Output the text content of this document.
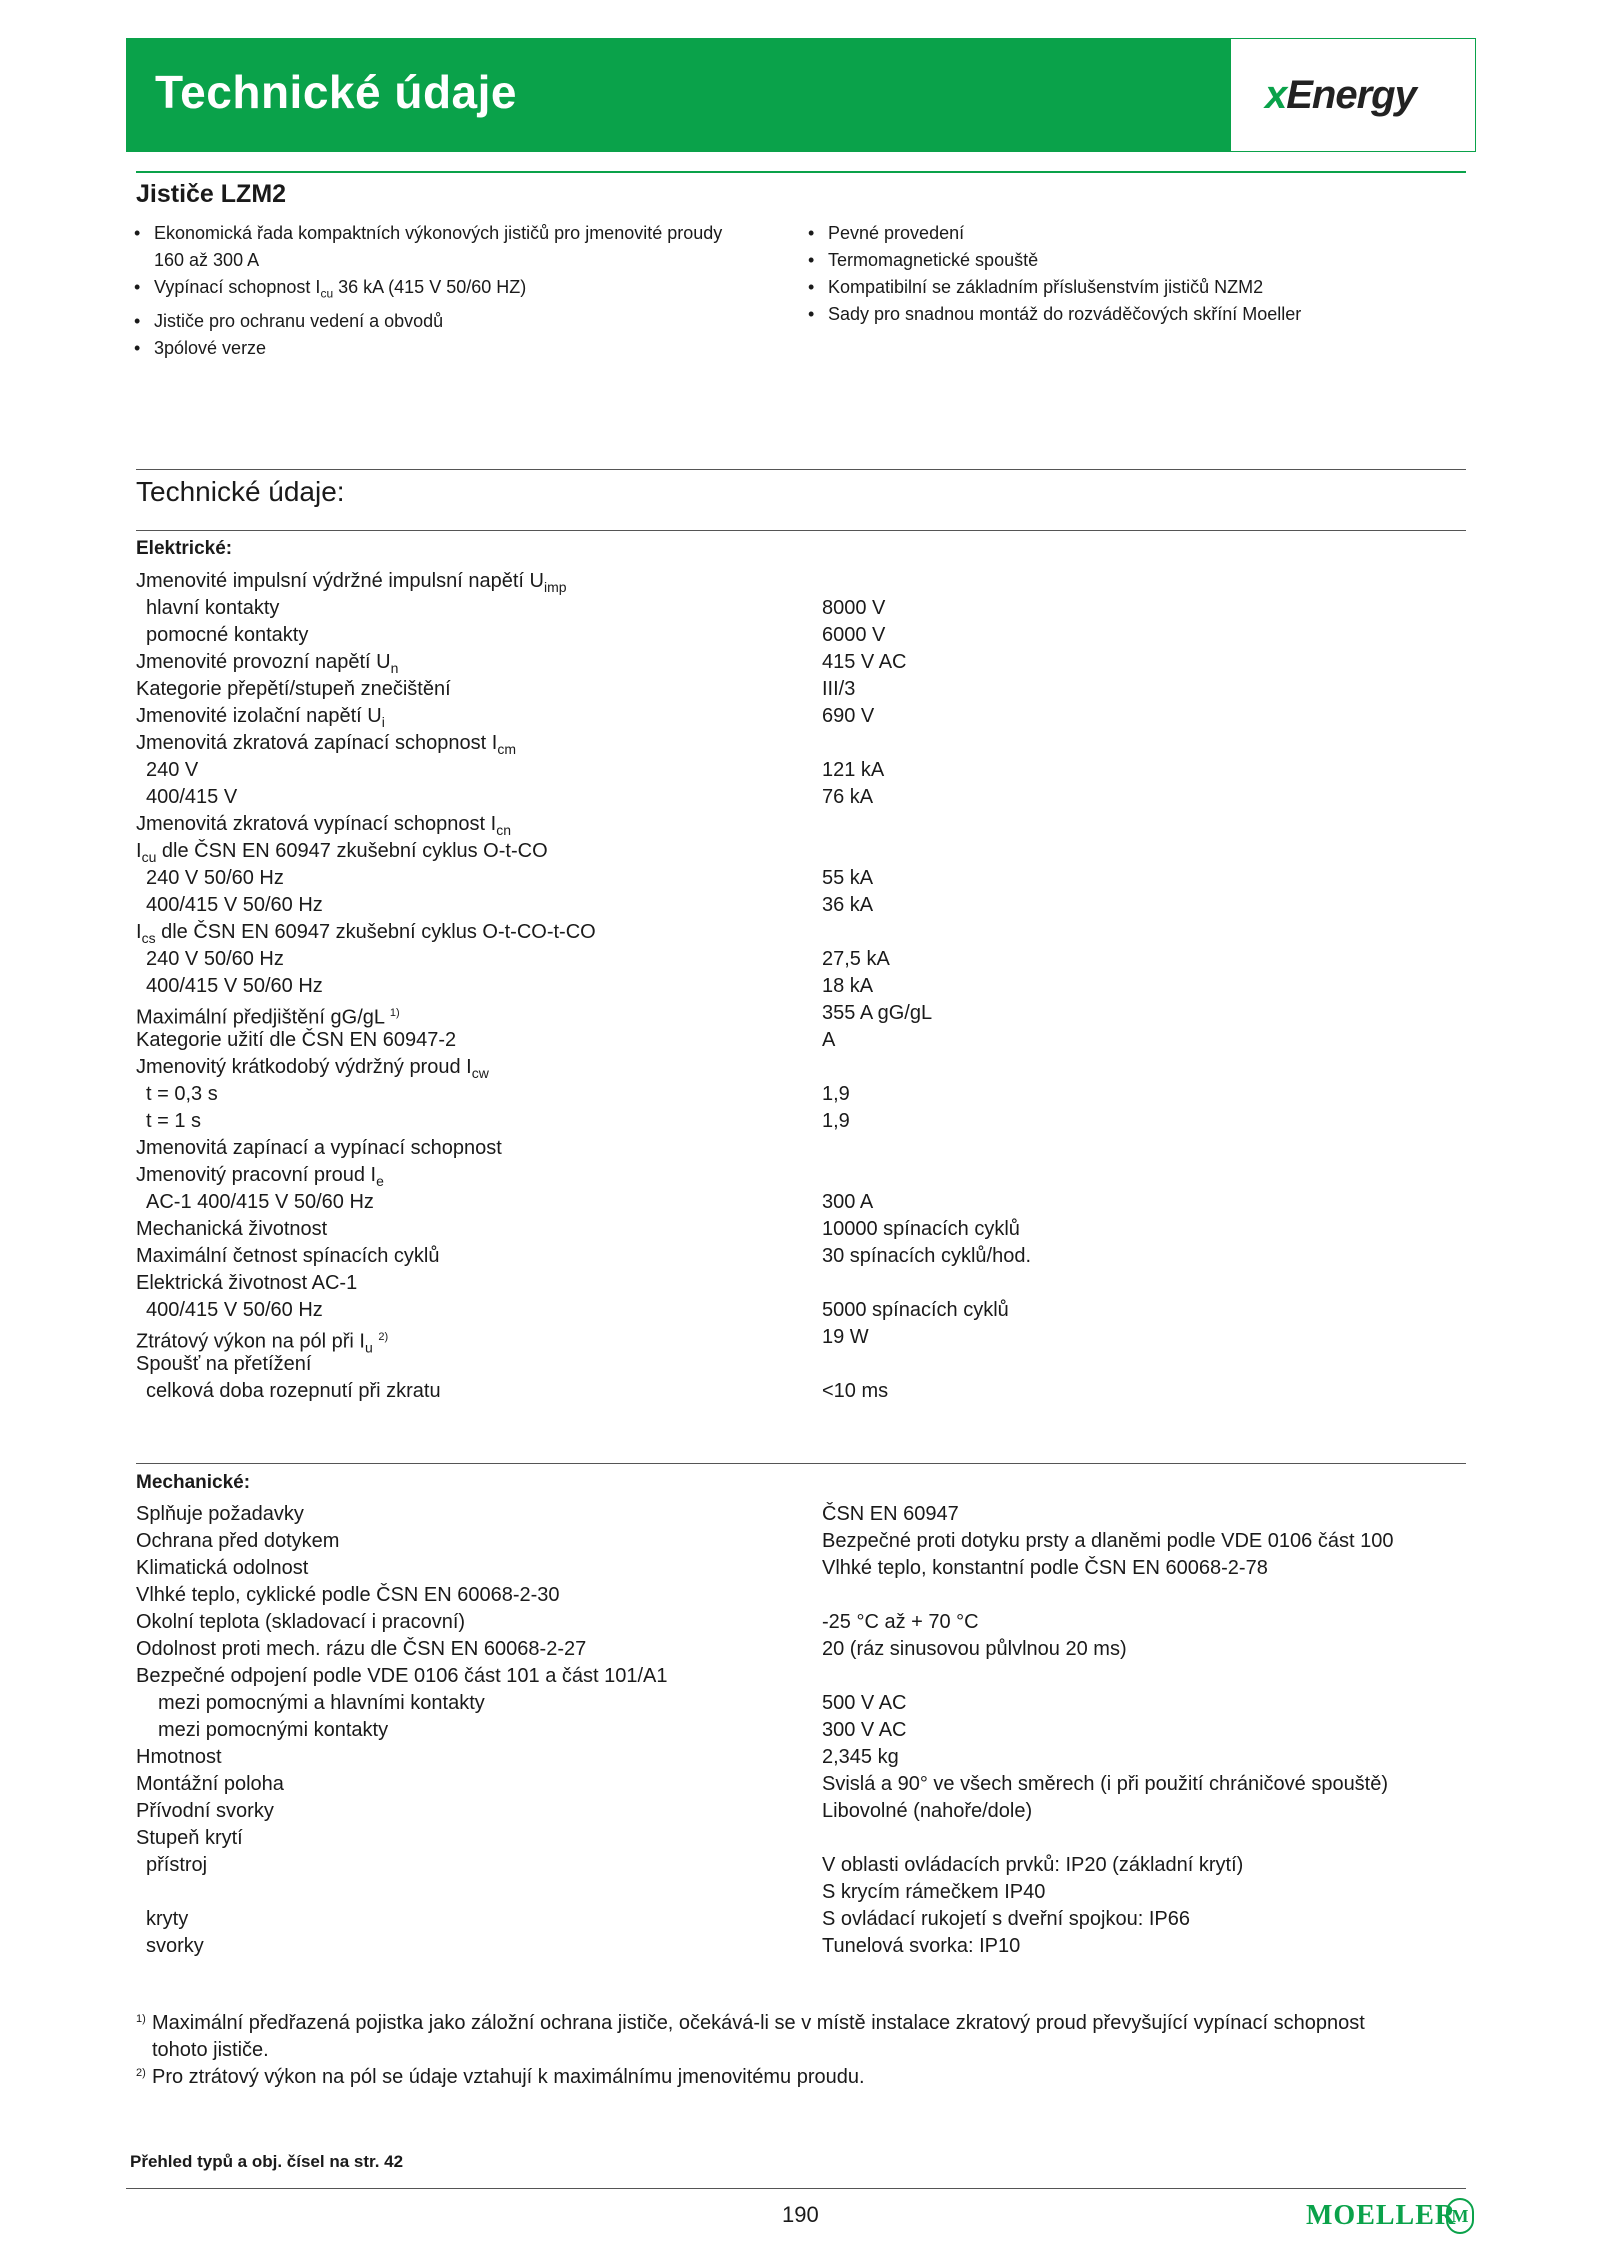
Technické údaje	xEnergy
Jističe LZM2
• Ekonomická řada kompaktních výkonových jističů pro jmenovité proudy
160 až 300 A
• Vypínací schopnost $I_{cu}$ 36 kA (415 V 50/60 HZ)
• Jističe pro ochranu vedení a obvodů
• 3pólové verze
• Pevné provedení
• Termomagnetické spouště
• Kompatibilní se základním příslušenstvím jističů NZM2
• Sady pro snadnou montáž do rozváděčových skříní Moeller
Technické údaje:
Elektrické:
Jmenovité impulsní výdržné impulsní napětí $U_{imp}$
hlavní kontakty	8000 V
pomocné kontakty	6000 V
Jmenovité provozní napětí $U_n$	415 V AC
Kategorie přepětí/stupeň znečištění	III/3
Jmenovité izolační napětí $U_i$	690 V
Jmenovitá zkratová zapínací schopnost $I_{cm}$
240 V	121 kA
400/415 V	76 kA
Jmenovitá zkratová vypínací schopnost $I_{cn}$
$I_{cu}$ dle ČSN EN 60947 zkušební cyklus O-t-CO
240 V 50/60 Hz	55 kA
400/415 V 50/60 Hz	36 kA
$I_{cs}$ dle ČSN EN 60947 zkušební cyklus O-t-CO-t-CO
240 V 50/60 Hz	27,5 kA
400/415 V 50/60 Hz	18 kA
Maximální předjištění gG/gL $^{1)}$	355 A gG/gL
Kategorie užití dle ČSN EN 60947-2	A
Jmenovitý krátkodobý výdržný proud $I_{cw}$
t = 0,3 s	1,9
t = 1 s	1,9
Jmenovitá zapínací a vypínací schopnost
Jmenovitý pracovní proud $I_e$
AC-1 400/415 V 50/60 Hz	300 A
Mechanická životnost	10000 spínacích cyklů
Maximální četnost spínacích cyklů	30 spínacích cyklů/hod.
Elektrická životnost AC-1
400/415 V 50/60 Hz	5000 spínacích cyklů
Ztrátový výkon na pól při $I_u$ $^{2)}$	19 W
Spoušť na přetížení
celková doba rozepnutí při zkratu	<10 ms
Mechanické:
Splňuje požadavky	ČSN EN 60947
Ochrana před dotykem	Bezpečné proti dotyku prsty a dlaněmi podle VDE 0106 část 100
Klimatická odolnost	Vlhké teplo, konstantní podle ČSN EN 60068-2-78
Vlhké teplo, cyklické podle ČSN EN 60068-2-30
Okolní teplota (skladovací i pracovní)	-25 °C až + 70 °C
Odolnost proti mech. rázu dle ČSN EN 60068-2-27	20 (ráz sinusovou půlvlnou 20 ms)
Bezpečné odpojení podle VDE 0106 část 101 a část 101/A1
mezi pomocnými a hlavními kontakty	500 V AC
mezi pomocnými kontakty	300 V AC
Hmotnost	2,345 kg
Montážní poloha	Svislá a 90° ve všech směrech (i při použití chráničové spouště)
Přívodní svorky	Libovolné (nahoře/dole)
Stupeň krytí
přístroj	V oblasti ovládacích prvků: IP20 (základní krytí)
S krycím rámečkem IP40
kryty	S ovládací rukojetí s dveřní spojkou: IP66
svorky	Tunelová svorka: IP10
1) Maximální předřazená pojistka jako záložní ochrana jističe, očekává-li se v místě instalace zkratový proud převyšující vypínací schopnost
tohoto jističe.
2) Pro ztrátový výkon na pól se údaje vztahují k maximálnímu jmenovitému proudu.
Přehled typů a obj. čísel na str. 42
190	MOELLER
M
